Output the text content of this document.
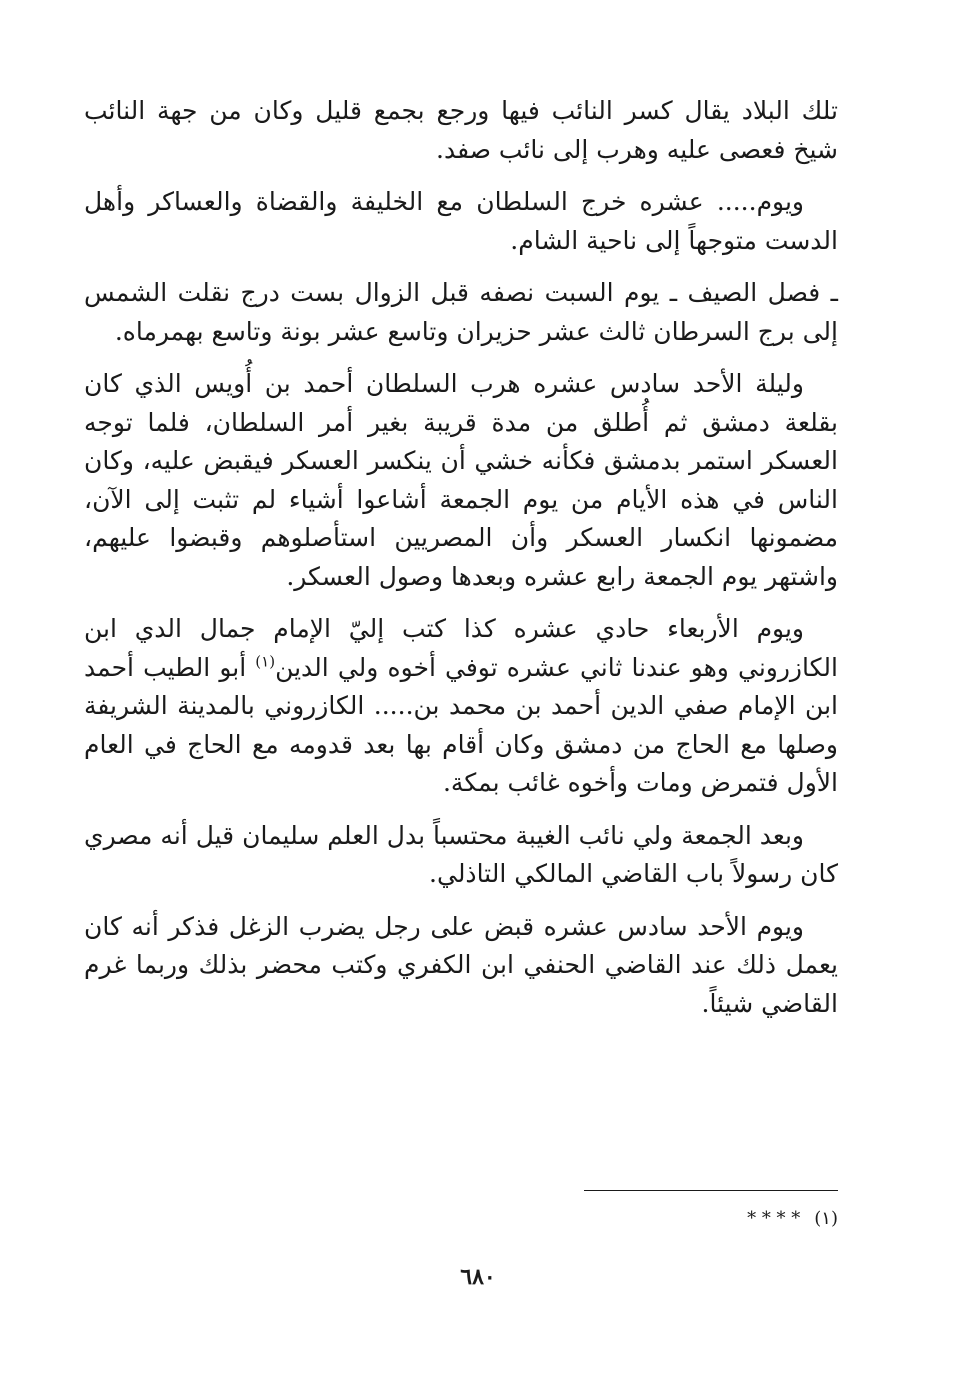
تلك البلاد يقال كسر النائب فيها ورجع بجمع قليل وكان من جهة النائب شيخ فعصى عليه وهرب إلى نائب صفد.

ويوم..... عشره خرج السلطان مع الخليفة والقضاة والعساكر وأهل الدست متوجهاً إلى ناحية الشام.

ـ فصل الصيف ـ يوم السبت نصفه قبل الزوال بست درج نقلت الشمس إلى برج السرطان ثالث عشر حزيران وتاسع عشر بونة وتاسع بهمرماه.

وليلة الأحد سادس عشره هرب السلطان أحمد بن أُويس الذي كان بقلعة دمشق ثم أُطلق من مدة قريبة بغير أمر السلطان، فلما توجه العسكر استمر بدمشق فكأنه خشي أن ينكسر العسكر فيقبض عليه، وكان الناس في هذه الأيام من يوم الجمعة أشاعوا أشياء لم تثبت إلى الآن، مضمونها انكسار العسكر وأن المصريين استأصلوهم وقبضوا عليهم، واشتهر يوم الجمعة رابع عشره وبعدها وصول العسكر.

ويوم الأربعاء حادي عشره كذا كتب إليّ الإمام جمال الدي ابن الكازروني وهو عندنا ثاني عشره توفي أخوه ولي الدين$^{(١)}$ أبو الطيب أحمد ابن الإمام صفي الدين أحمد بن محمد بن..... الكازروني بالمدينة الشريفة وصلها مع الحاج من دمشق وكان أقام بها بعد قدومه مع الحاج في العام الأول فتمرض ومات وأخوه غائب بمكة.

وبعد الجمعة ولي نائب الغيبة محتسباً بدل العلم سليمان قيل أنه مصري كان رسولاً باب القاضي المالكي التاذلي.

ويوم الأحد سادس عشره قبض على رجل يضرب الزغل فذكر أنه كان يعمل ذلك عند القاضي الحنفي ابن الكفري وكتب محضر بذلك وربما غرم القاضي شيئاً.

(١)* * * *
٦٨٠
